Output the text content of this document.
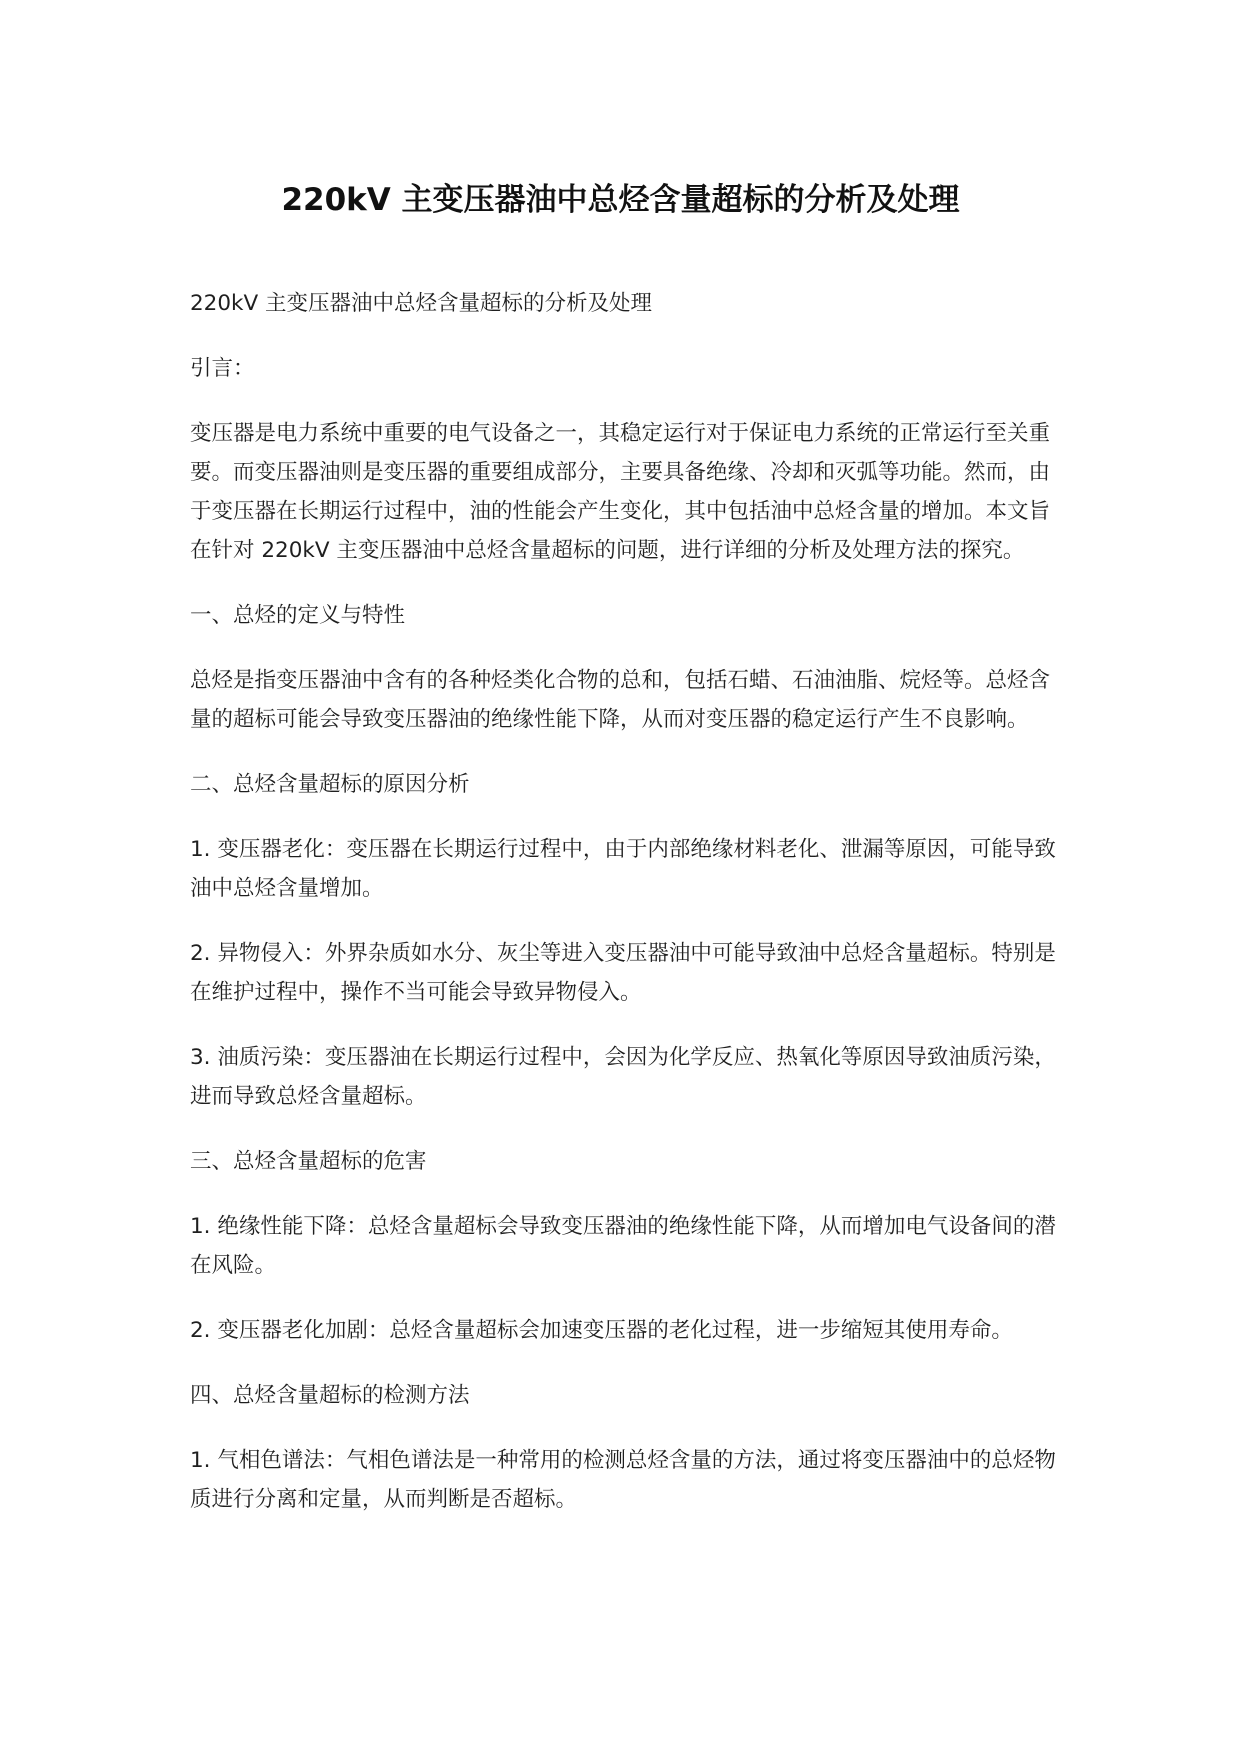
220kV 主变压器油中总烃含量超标的分析及处理

220kV 主变压器油中总烃含量超标的分析及处理

引言：

变压器是电力系统中重要的电气设备之一，其稳定运行对于保证电力系统的正常运行至关重要。而变压器油则是变压器的重要组成部分，主要具备绝缘、冷却和灭弧等功能。然而，由于变压器在长期运行过程中，油的性能会产生变化，其中包括油中总烃含量的增加。本文旨在针对 220kV 主变压器油中总烃含量超标的问题，进行详细的分析及处理方法的探究。

一、总烃的定义与特性

总烃是指变压器油中含有的各种烃类化合物的总和，包括石蜡、石油油脂、烷烃等。总烃含量的超标可能会导致变压器油的绝缘性能下降，从而对变压器的稳定运行产生不良影响。

二、总烃含量超标的原因分析

1. 变压器老化：变压器在长期运行过程中，由于内部绝缘材料老化、泄漏等原因，可能导致油中总烃含量增加。

2. 异物侵入：外界杂质如水分、灰尘等进入变压器油中可能导致油中总烃含量超标。特别是在维护过程中，操作不当可能会导致异物侵入。

3. 油质污染：变压器油在长期运行过程中，会因为化学反应、热氧化等原因导致油质污染，进而导致总烃含量超标。

三、总烃含量超标的危害

1. 绝缘性能下降：总烃含量超标会导致变压器油的绝缘性能下降，从而增加电气设备间的潜在风险。

2. 变压器老化加剧：总烃含量超标会加速变压器的老化过程，进一步缩短其使用寿命。

四、总烃含量超标的检测方法

1. 气相色谱法：气相色谱法是一种常用的检测总烃含量的方法，通过将变压器油中的总烃物质进行分离和定量，从而判断是否超标。
